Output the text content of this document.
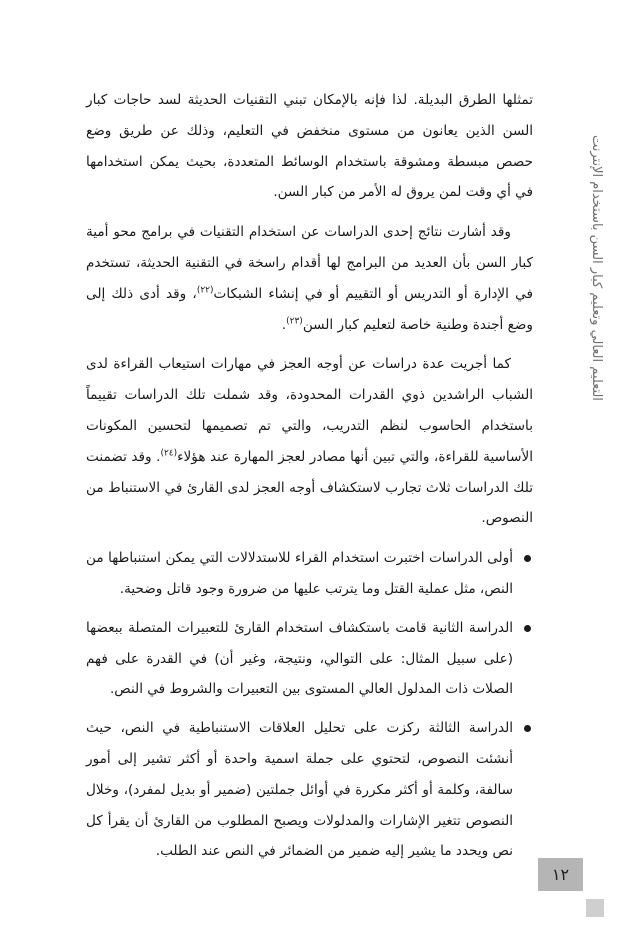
التعليم العالي وتعليم كبار السن باستخدام الإنترنت

تمثلها الطرق البديلة. لذا فإنه بالإمكان تبني التقنيات الحديثة لسد حاجات كبار السن الذين يعانون من مستوى منخفض في التعليم، وذلك عن طريق وضع حصص مبسطة ومشوقة باستخدام الوسائط المتعددة، بحيث يمكن استخدامها في أي وقت لمن يروق له الأمر من كبار السن.

وقد أشارت نتائج إحدى الدراسات عن استخدام التقنيات في برامج محو أمية كبار السن بأن العديد من البرامج لها أقدام راسخة في التقنية الحديثة، تستخدم في الإدارة أو التدريس أو التقييم أو في إنشاء الشبكات$^{(٢٢)}$، وقد أدى ذلك إلى وضع أجندة وطنية خاصة لتعليم كبار السن$^{(٢٣)}$.

كما أجريت عدة دراسات عن أوجه العجز في مهارات استيعاب القراءة لدى الشباب الراشدين ذوي القدرات المحدودة، وقد شملت تلك الدراسات تقييماً باستخدام الحاسوب لنظم التدريب، والتي تم تصميمها لتحسين المكونات الأساسية للقراءة، والتي تبين أنها مصادر لعجز المهارة عند هؤلاء$^{(٢٤)}$. وقد تضمنت تلك الدراسات ثلاث تجارب لاستكشاف أوجه العجز لدى القارئ في الاستنباط من النصوص.

أولى الدراسات اختبرت استخدام القراء للاستدلالات التي يمكن استنباطها من النص، مثل عملية القتل وما يترتب عليها من ضرورة وجود قاتل وضحية.
الدراسة الثانية قامت باستكشاف استخدام القارئ للتعبيرات المتصلة ببعضها (على سبيل المثال: على التوالي، ونتيجة، وغير أن) في القدرة على فهم الصلات ذات المدلول العالي المستوى بين التعبيرات والشروط في النص.
الدراسة الثالثة ركزت على تحليل العلاقات الاستنباطية في النص، حيث أنشئت النصوص، لتحتوي على جملة اسمية واحدة أو أكثر تشير إلى أمور سالفة، وكلمة أو أكثر مكررة في أوائل جملتين (ضمير أو بديل لمفرد)، وخلال النصوص تتغير الإشارات والمدلولات ويصبح المطلوب من القارئ أن يقرأ كل نص ويحدد ما يشير إليه ضمير من الضمائر في النص عند الطلب.
١٢
